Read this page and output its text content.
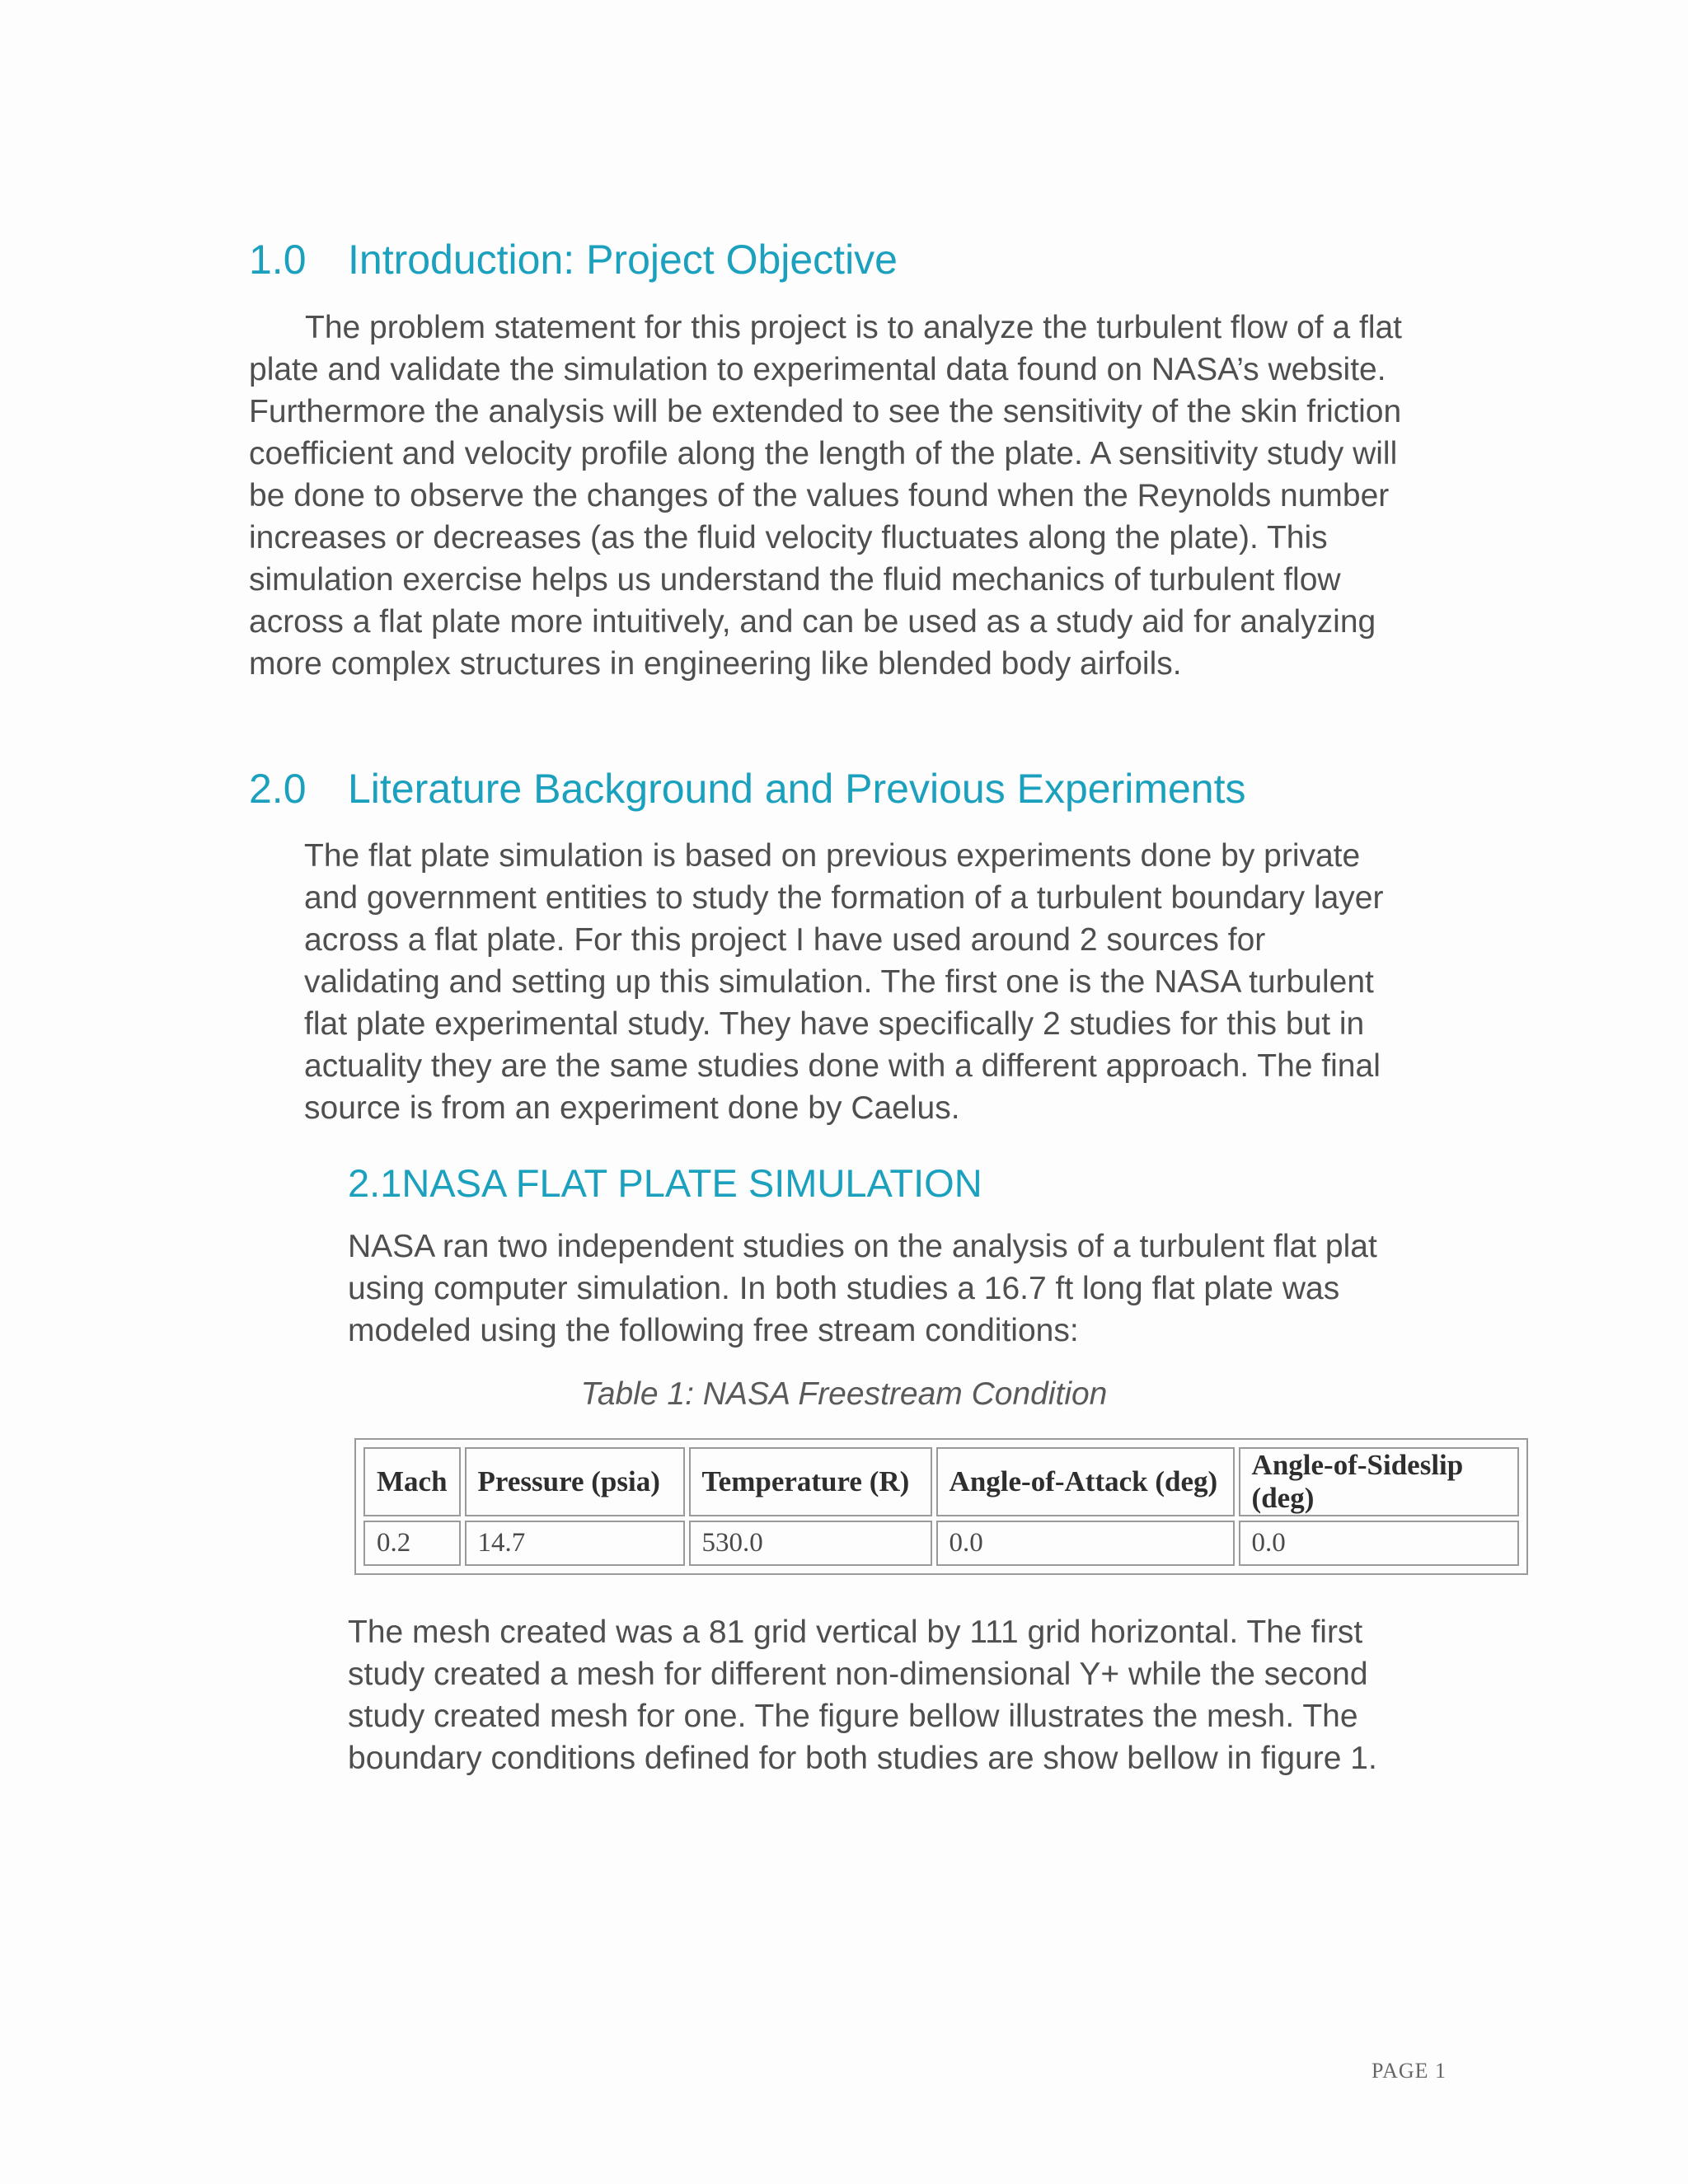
1.0 Introduction: Project Objective

The problem statement for this project is to analyze the turbulent flow of a flat
plate and validate the simulation to experimental data found on NASA’s website.
Furthermore the analysis will be extended to see the sensitivity of the skin friction
coefficient and velocity profile along the length of the plate. A sensitivity study will
be done to observe the changes of the values found when the Reynolds number
increases or decreases (as the fluid velocity fluctuates along the plate). This
simulation exercise helps us understand the fluid mechanics of turbulent flow
across a flat plate more intuitively, and can be used as a study aid for analyzing
more complex structures in engineering like blended body airfoils.

2.0 Literature Background and Previous Experiments

The flat plate simulation is based on previous experiments done by private
and government entities to study the formation of a turbulent boundary layer
across a flat plate. For this project I have used around 2 sources for
validating and setting up this simulation. The first one is the NASA turbulent
flat plate experimental study. They have specifically 2 studies for this but in
actuality they are the same studies done with a different approach. The final
source is from an experiment done by Caelus.

2.1NASA FLAT PLATE SIMULATION

NASA ran two independent studies on the analysis of a turbulent flat plat
using computer simulation. In both studies a 16.7 ft long flat plate was
modeled using the following free stream conditions:

Table 1: NASA Freestream Condition

Mach	Pressure (psia)	Temperature (R)	Angle-of-Attack (deg)	Angle-of-Sideslip (deg)
0.2	14.7	530.0	0.0	0.0

The mesh created was a 81 grid vertical by 111 grid horizontal. The first
study created a mesh for different non-dimensional Y+ while the second
study created mesh for one. The figure bellow illustrates the mesh. The
boundary conditions defined for both studies are show bellow in figure 1.

PAGE 1
